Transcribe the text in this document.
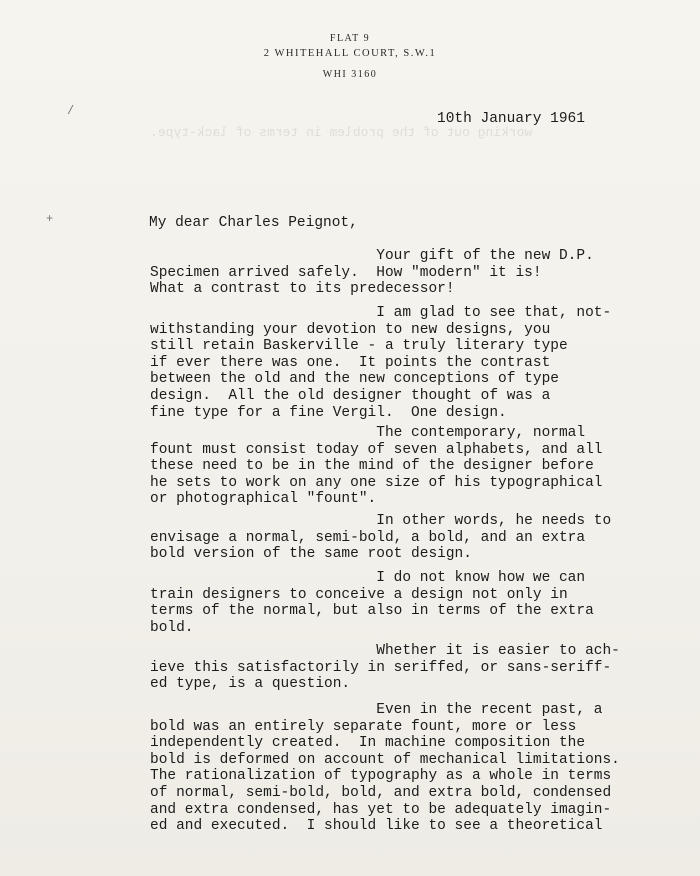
working out of the problem in terms of lack-type.
FLAT 9
2 WHITEHALL COURT, S.W.1
WHI 3160
10th January 1961
My dear Charles Peignot,
Your gift of the new D.P.
Specimen arrived safely.  How "modern" it is!
What a contrast to its predecessor!
I am glad to see that, not-
withstanding your devotion to new designs, you
still retain Baskerville - a truly literary type
if ever there was one.  It points the contrast
between the old and the new conceptions of type
design.  All the old designer thought of was a
fine type for a fine Vergil.  One design.
The contemporary, normal
fount must consist today of seven alphabets, and all
these need to be in the mind of the designer before
he sets to work on any one size of his typographical
or photographical "fount".
In other words, he needs to
envisage a normal, semi-bold, a bold, and an extra
bold version of the same root design.
I do not know how we can
train designers to conceive a design not only in
terms of the normal, but also in terms of the extra
bold.
Whether it is easier to ach-
ieve this satisfactorily in seriffed, or sans-seriff-
ed type, is a question.
Even in the recent past, a
bold was an entirely separate fount, more or less
independently created.  In machine composition the
bold is deformed on account of mechanical limitations.
The rationalization of typography as a whole in terms
of normal, semi-bold, bold, and extra bold, condensed
and extra condensed, has yet to be adequately imagin-
ed and executed.  I should like to see a theoretical
/
+
